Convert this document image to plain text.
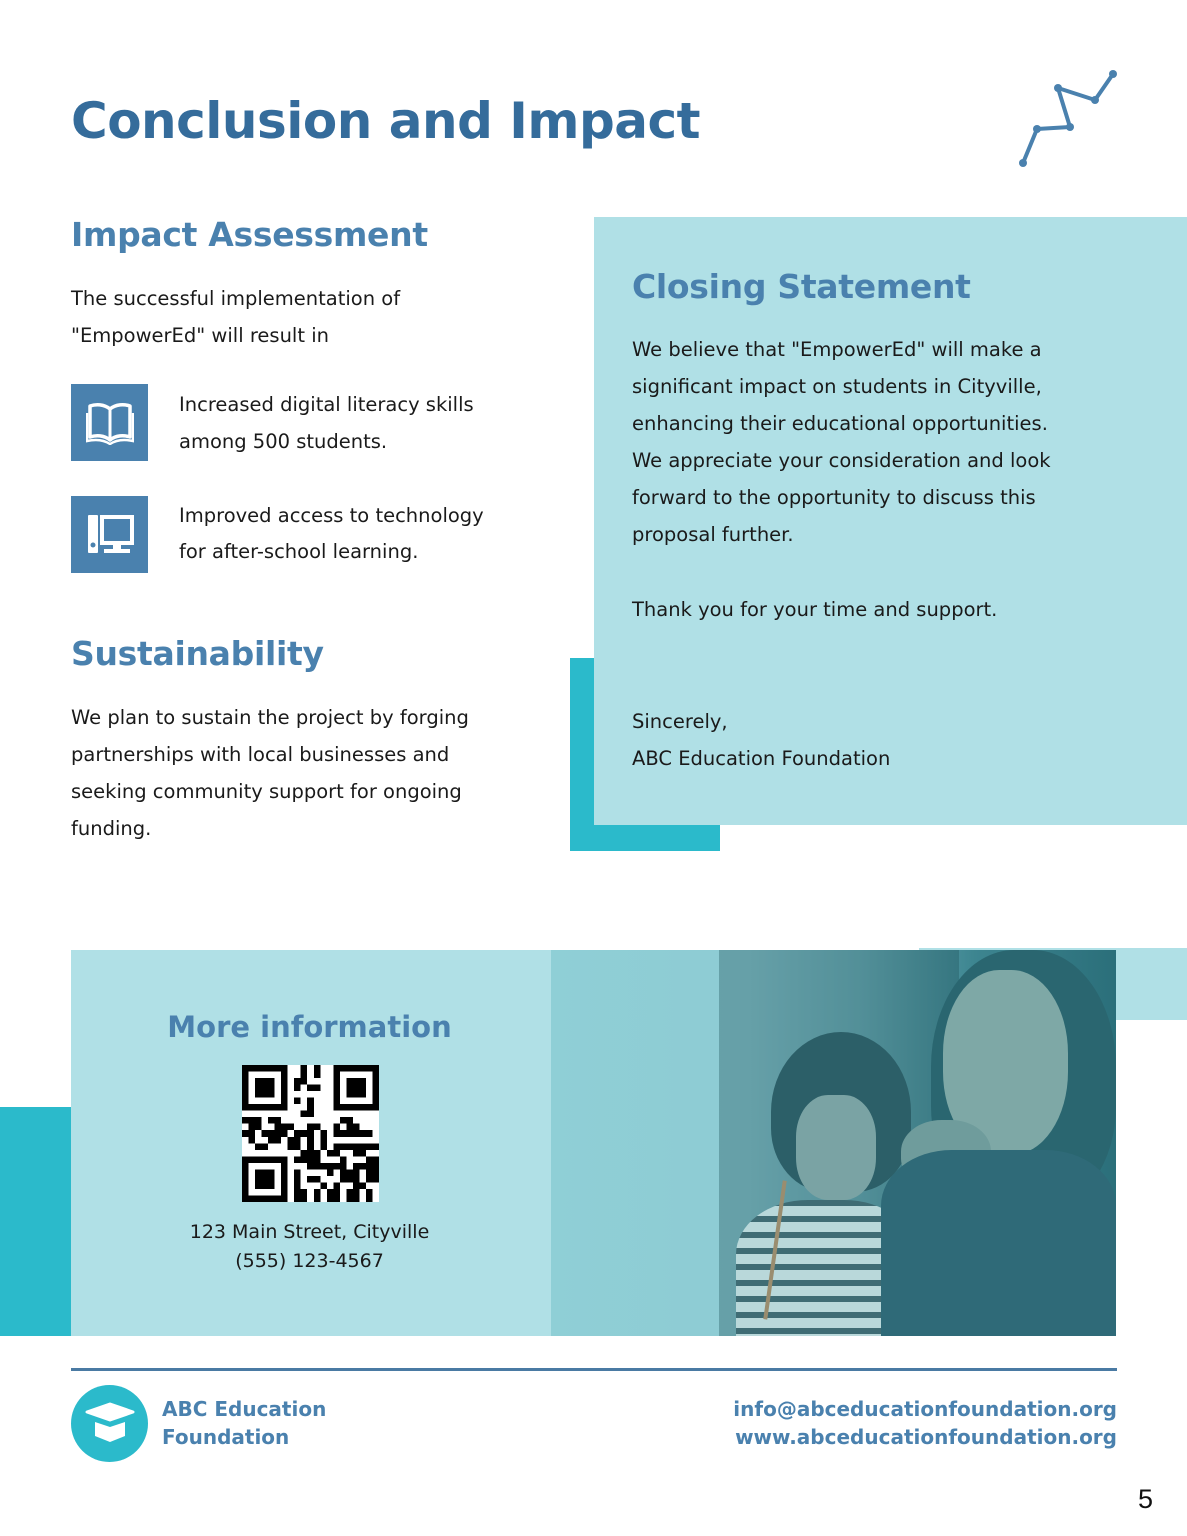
Conclusion and Impact
Impact Assessment

The successful implementation of
"EmpowerEd" will result in

Increased digital literacy skills
among 500 students.

Improved access to technology
for after-school learning.

Sustainability

We plan to sustain the project by forging
partnerships with local businesses and
seeking community support for ongoing
funding.

Closing Statement

We believe that "EmpowerEd" will make a
significant impact on students in Cityville,
enhancing their educational opportunities.
We appreciate your consideration and look
forward to the opportunity to discuss this
proposal further.

Thank you for your time and support.

Sincerely,
ABC Education Foundation

More information

123 Main Street, Cityville
(555) 123-4567

ABC Education
Foundation
info@abceducationfoundation.org
www.abceducationfoundation.org
5
